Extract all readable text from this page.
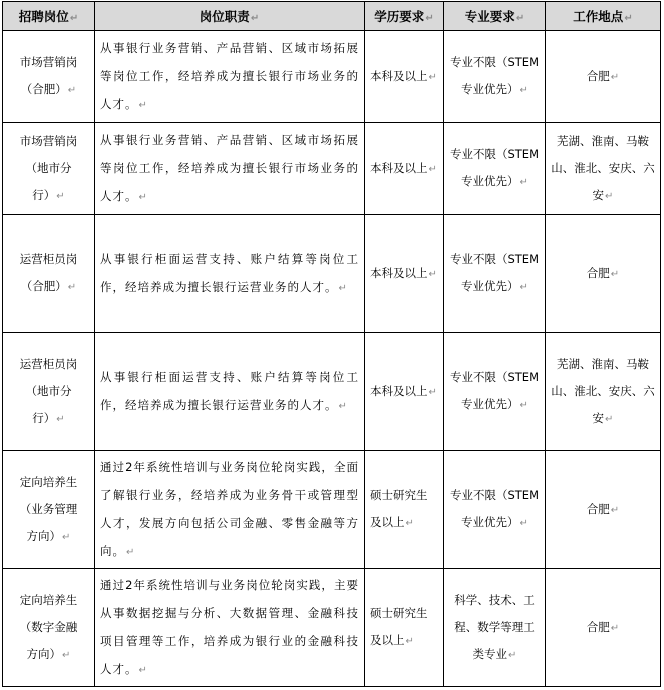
招聘岗位↵	岗位职责↵	学历要求↵	专业要求↵	工作地点↵
市场营销岗
（合肥）↵	从事银行业务营销、产品营销、区域市场拓展等岗位工作，经培养成为擅长银行市场业务的人才。↵	本科及以上↵	专业不限（STEM专业优先）↵	合肥↵
市场营销岗
（地市分
行）↵	从事银行业务营销、产品营销、区域市场拓展等岗位工作，经培养成为擅长银行市场业务的人才。↵	本科及以上↵	专业不限（STEM专业优先）↵	芜湖、淮南、马鞍山、淮北、安庆、六安↵
运营柜员岗
（合肥）↵	从事银行柜面运营支持、账户结算等岗位工作，经培养成为擅长银行运营业务的人才。↵	本科及以上↵	专业不限（STEM专业优先）↵	合肥↵
运营柜员岗
（地市分
行）↵	从事银行柜面运营支持、账户结算等岗位工作，经培养成为擅长银行运营业务的人才。↵	本科及以上↵	专业不限（STEM专业优先）↵	芜湖、淮南、马鞍山、淮北、安庆、六安↵
定向培养生
（业务管理
方向）↵	通过2年系统性培训与业务岗位轮岗实践，全面了解银行业务，经培养成为业务骨干或管理型人才，发展方向包括公司金融、零售金融等方向。↵	硕士研究生及以上↵	专业不限（STEM专业优先）↵	合肥↵
定向培养生
（数字金融
方向）↵	通过2年系统性培训与业务岗位轮岗实践，主要从事数据挖掘与分析、大数据管理、金融科技项目管理等工作，培养成为银行业的金融科技人才。↵	硕士研究生及以上↵	科学、技术、工程、数学等理工类专业↵	合肥↵
